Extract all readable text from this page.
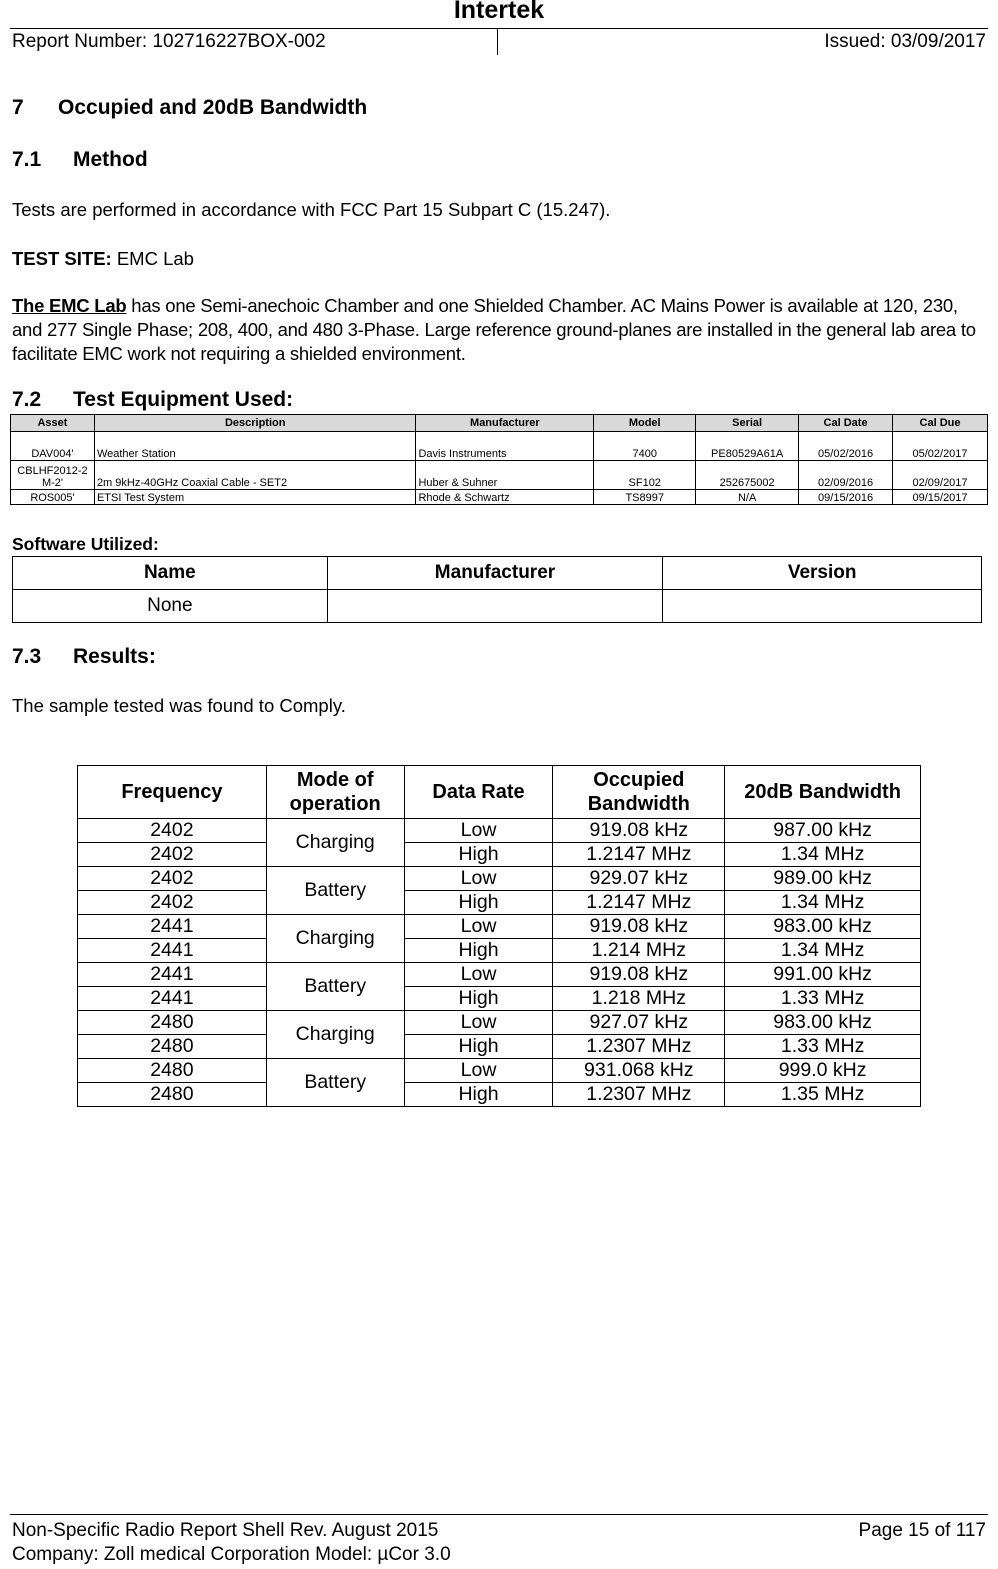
Intertek
Report Number: 102716227BOX-002	Issued: 03/09/2017
7 Occupied and 20dB Bandwidth
7.1 Method
Tests are performed in accordance with FCC Part 15 Subpart C (15.247).
TEST SITE: EMC Lab
The EMC Lab has one Semi-anechoic Chamber and one Shielded Chamber. AC Mains Power is available at 120, 230, and 277 Single Phase; 208, 400, and 480 3-Phase. Large reference ground-planes are installed in the general lab area to facilitate EMC work not requiring a shielded environment.
7.2 Test Equipment Used:
Asset	Description	Manufacturer	Model	Serial	Cal Date	Cal Due
DAV004'	Weather Station	Davis Instruments	7400	PE80529A61A	05/02/2016	05/02/2017
CBLHF2012-2M-2'	2m 9kHz-40GHz Coaxial Cable - SET2	Huber & Suhner	SF102	252675002	02/09/2016	02/09/2017
ROS005'	ETSI Test System	Rhode & Schwartz	TS8997	N/A	09/15/2016	09/15/2017
Software Utilized:
Name	Manufacturer	Version
None		
7.3 Results:
The sample tested was found to Comply.
Frequency	Mode of operation	Data Rate	Occupied Bandwidth	20dB Bandwidth
2402	Charging	Low	919.08 kHz	987.00 kHz
2402		High	1.2147 MHz	1.34 MHz
2402	Battery	Low	929.07 kHz	989.00 kHz
2402		High	1.2147 MHz	1.34 MHz
2441	Charging	Low	919.08 kHz	983.00 kHz
2441		High	1.214 MHz	1.34 MHz
2441	Battery	Low	919.08 kHz	991.00 kHz
2441		High	1.218 MHz	1.33 MHz
2480	Charging	Low	927.07 kHz	983.00 kHz
2480		High	1.2307 MHz	1.33 MHz
2480	Battery	Low	931.068 kHz	999.0 kHz
2480		High	1.2307 MHz	1.35 MHz
Non-Specific Radio Report Shell Rev. August 2015
Company: Zoll medical Corporation Model: µCor 3.0
Page 15 of 117
